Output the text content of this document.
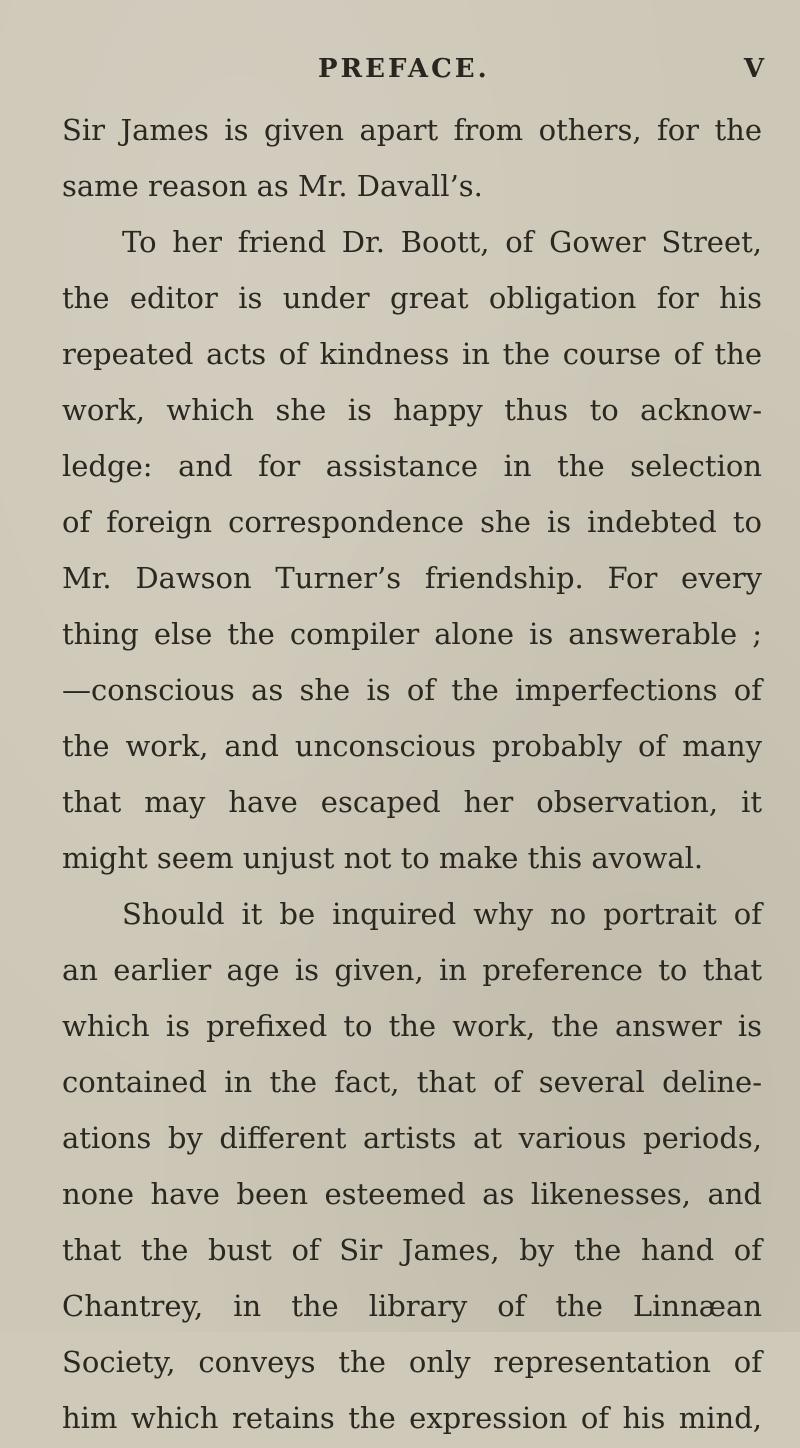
PREFACE.	V
Sir James is given apart from others, for the
same reason as Mr. Davall’s.
To her friend Dr. Boott, of Gower Street,
the editor is under great obligation for his
repeated acts of kindness in the course of the
work, which she is happy thus to acknow-
ledge: and for assistance in the selection
of foreign correspondence she is indebted to
Mr. Dawson Turner’s friendship. For every
thing else the compiler alone is answerable ;
—conscious as she is of the imperfections of
the work, and unconscious probably of many
that may have escaped her observation, it
might seem unjust not to make this avowal.
Should it be inquired why no portrait of
an earlier age is given, in preference to that
which is prefixed to the work, the answer is
contained in the fact, that of several deline-
ations by different artists at various periods,
none have been esteemed as likenesses, and
that the bust of Sir James, by the hand of
Chantrey, in the library of the Linnæan
Society, conveys the only representation of
him which retains the expression of his mind,
